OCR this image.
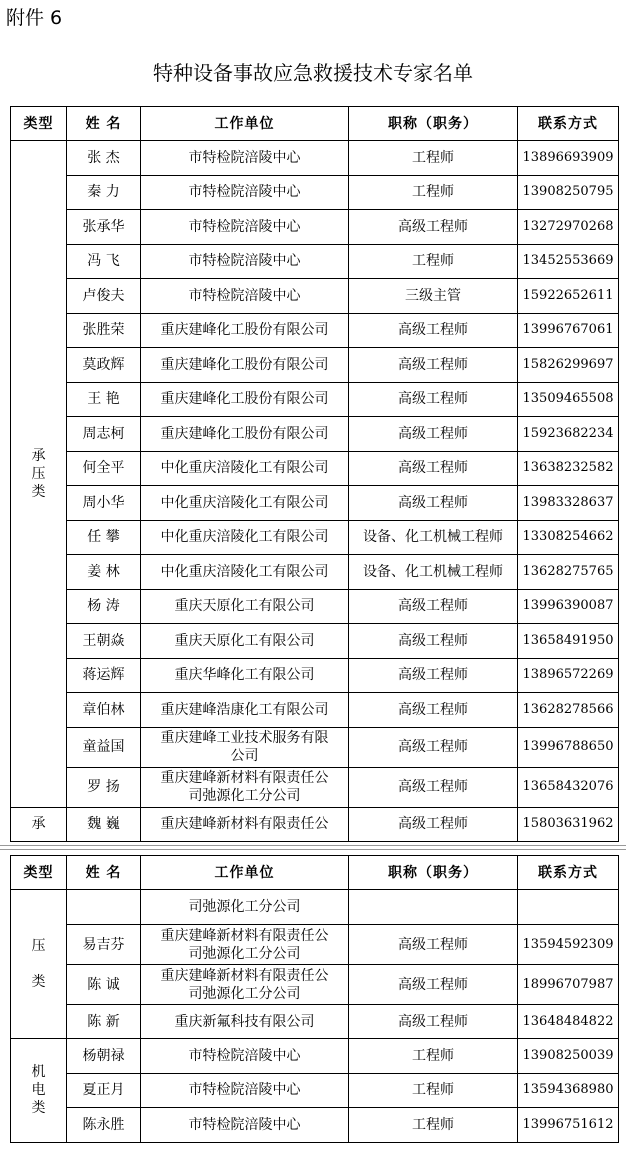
附件 6
特种设备事故应急救援技术专家名单
类型	姓 名	工作单位	职称（职务）	联系方式
承
压
类	张 杰	市特检院涪陵中心	工程师	13896693909
	秦 力	市特检院涪陵中心	工程师	13908250795
	张承华	市特检院涪陵中心	高级工程师	13272970268
	冯 飞	市特检院涪陵中心	工程师	13452553669
	卢俊夫	市特检院涪陵中心	三级主管	15922652611
	张胜荣	重庆建峰化工股份有限公司	高级工程师	13996767061
	莫政辉	重庆建峰化工股份有限公司	高级工程师	15826299697
	王 艳	重庆建峰化工股份有限公司	高级工程师	13509465508
	周志柯	重庆建峰化工股份有限公司	高级工程师	15923682234
	何全平	中化重庆涪陵化工有限公司	高级工程师	13638232582
	周小华	中化重庆涪陵化工有限公司	高级工程师	13983328637
	任 攀	中化重庆涪陵化工有限公司	设备、化工机械工程师	13308254662
	姜 林	中化重庆涪陵化工有限公司	设备、化工机械工程师	13628275765
	杨 涛	重庆天原化工有限公司	高级工程师	13996390087
	王朝焱	重庆天原化工有限公司	高级工程师	13658491950
	蒋运辉	重庆华峰化工有限公司	高级工程师	13896572269
	章伯林	重庆建峰浩康化工有限公司	高级工程师	13628278566
	童益国	重庆建峰工业技术服务有限
公司	高级工程师	13996788650
	罗 扬	重庆建峰新材料有限责任公
司弛源化工分公司	高级工程师	13658432076
承	魏 巍	重庆建峰新材料有限责任公	高级工程师	15803631962
类型	姓 名	工作单位	职称（职务）	联系方式
压

类		司弛源化工分公司		
	易吉芬	重庆建峰新材料有限责任公
司弛源化工分公司	高级工程师	13594592309
	陈 诚	重庆建峰新材料有限责任公
司弛源化工分公司	高级工程师	18996707987
	陈 新	重庆新氟科技有限公司	高级工程师	13648484822
机
电
类	杨朝禄	市特检院涪陵中心	工程师	13908250039
	夏正月	市特检院涪陵中心	工程师	13594368980
	陈永胜	市特检院涪陵中心	工程师	13996751612
